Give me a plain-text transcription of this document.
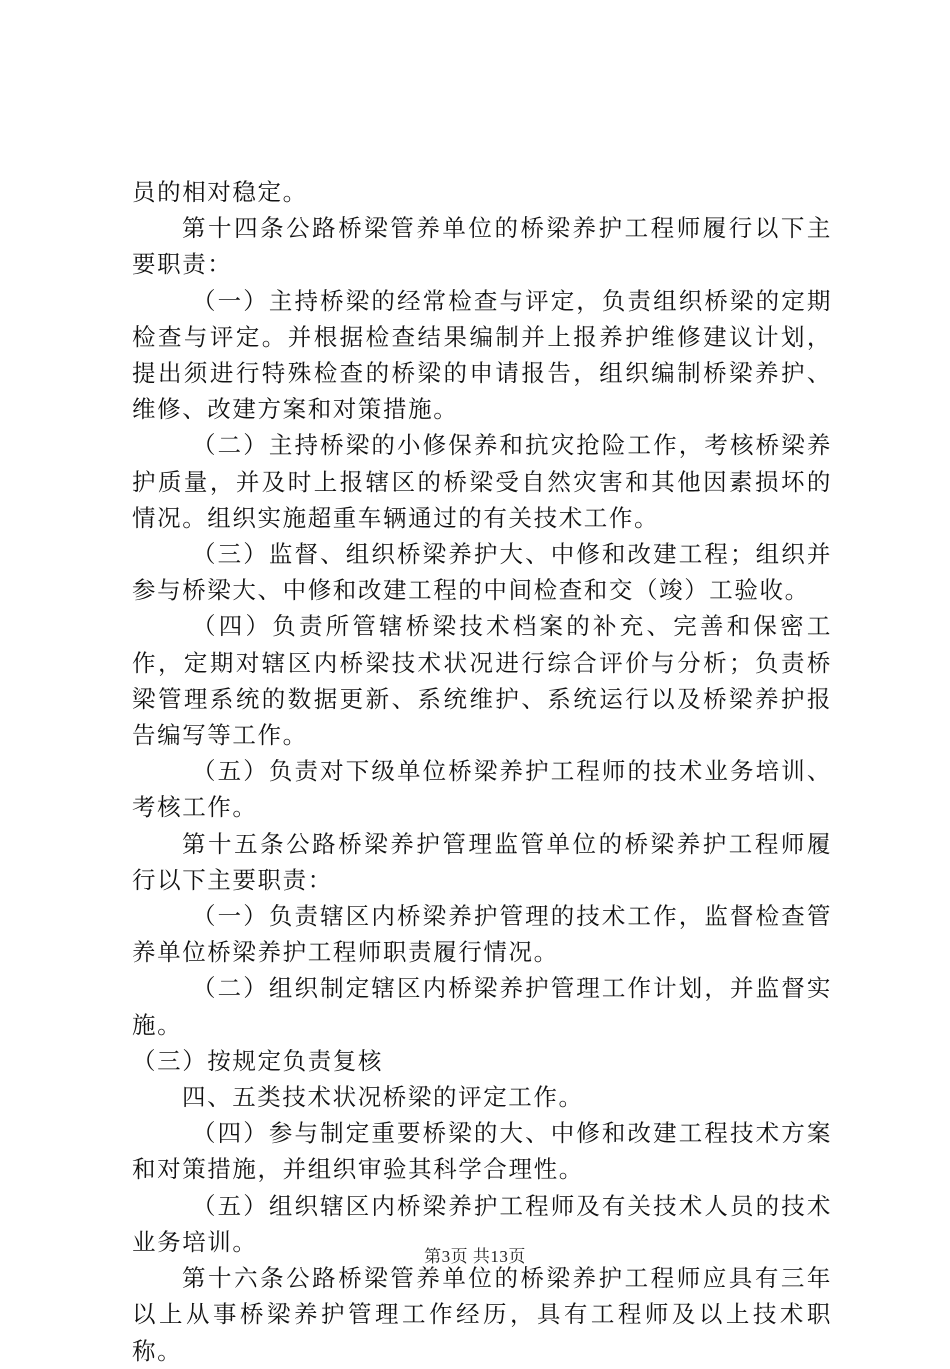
员的相对稳定。

第十四条公路桥梁管养单位的桥梁养护工程师履行以下主要职责：

（一）主持桥梁的经常检查与评定，负责组织桥梁的定期检查与评定。并根据检查结果编制并上报养护维修建议计划，提出须进行特殊检查的桥梁的申请报告，组织编制桥梁养护、维修、改建方案和对策措施。

（二）主持桥梁的小修保养和抗灾抢险工作，考核桥梁养护质量，并及时上报辖区的桥梁受自然灾害和其他因素损坏的情况。组织实施超重车辆通过的有关技术工作。

（三）监督、组织桥梁养护大、中修和改建工程；组织并参与桥梁大、中修和改建工程的中间检查和交（竣）工验收。

（四）负责所管辖桥梁技术档案的补充、完善和保密工作，定期对辖区内桥梁技术状况进行综合评价与分析；负责桥梁管理系统的数据更新、系统维护、系统运行以及桥梁养护报告编写等工作。

（五）负责对下级单位桥梁养护工程师的技术业务培训、考核工作。

第十五条公路桥梁养护管理监管单位的桥梁养护工程师履行以下主要职责：

（一）负责辖区内桥梁养护管理的技术工作，监督检查管养单位桥梁养护工程师职责履行情况。

（二）组织制定辖区内桥梁养护管理工作计划，并监督实施。

（三）按规定负责复核

四、五类技术状况桥梁的评定工作。

（四）参与制定重要桥梁的大、中修和改建工程技术方案和对策措施，并组织审验其科学合理性。

（五）组织辖区内桥梁养护工程师及有关技术人员的技术业务培训。

第十六条公路桥梁管养单位的桥梁养护工程师应具有三年以上从事桥梁养护管理工作经历，具有工程师及以上技术职称。

第3页 共13页
